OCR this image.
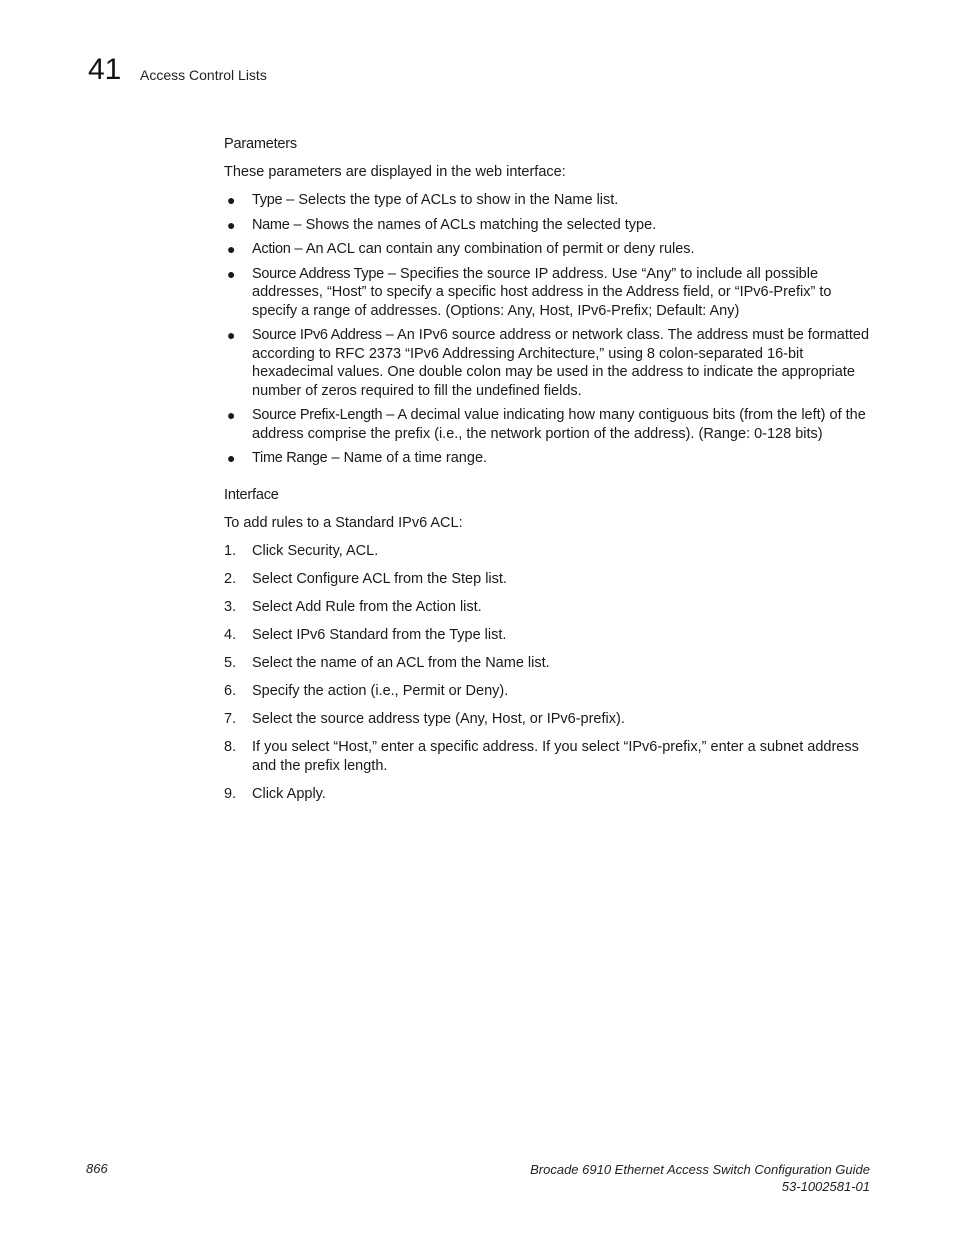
41 Access Control Lists
Parameters

These parameters are displayed in the web interface:

● Type – Selects the type of ACLs to show in the Name list.
● Name – Shows the names of ACLs matching the selected type.
● Action – An ACL can contain any combination of permit or deny rules.
● Source Address Type – Specifies the source IP address. Use “Any” to include all possible addresses, “Host” to specify a specific host address in the Address field, or “IPv6-Prefix” to specify a range of addresses. (Options: Any, Host, IPv6-Prefix; Default: Any)
● Source IPv6 Address – An IPv6 source address or network class. The address must be formatted according to RFC 2373 “IPv6 Addressing Architecture,” using 8 colon-separated 16-bit hexadecimal values. One double colon may be used in the address to indicate the appropriate number of zeros required to fill the undefined fields.
● Source Prefix-Length – A decimal value indicating how many contiguous bits (from the left) of the address comprise the prefix (i.e., the network portion of the address). (Range: 0-128 bits)
● Time Range – Name of a time range.
Interface

To add rules to a Standard IPv6 ACL:

1. Click Security, ACL.
2. Select Configure ACL from the Step list.
3. Select Add Rule from the Action list.
4. Select IPv6 Standard from the Type list.
5. Select the name of an ACL from the Name list.
6. Specify the action (i.e., Permit or Deny).
7. Select the source address type (Any, Host, or IPv6-prefix).
8. If you select “Host,” enter a specific address. If you select “IPv6-prefix,” enter a subnet address and the prefix length.
9. Click Apply.
866	Brocade 6910 Ethernet Access Switch Configuration Guide
53-1002581-01
